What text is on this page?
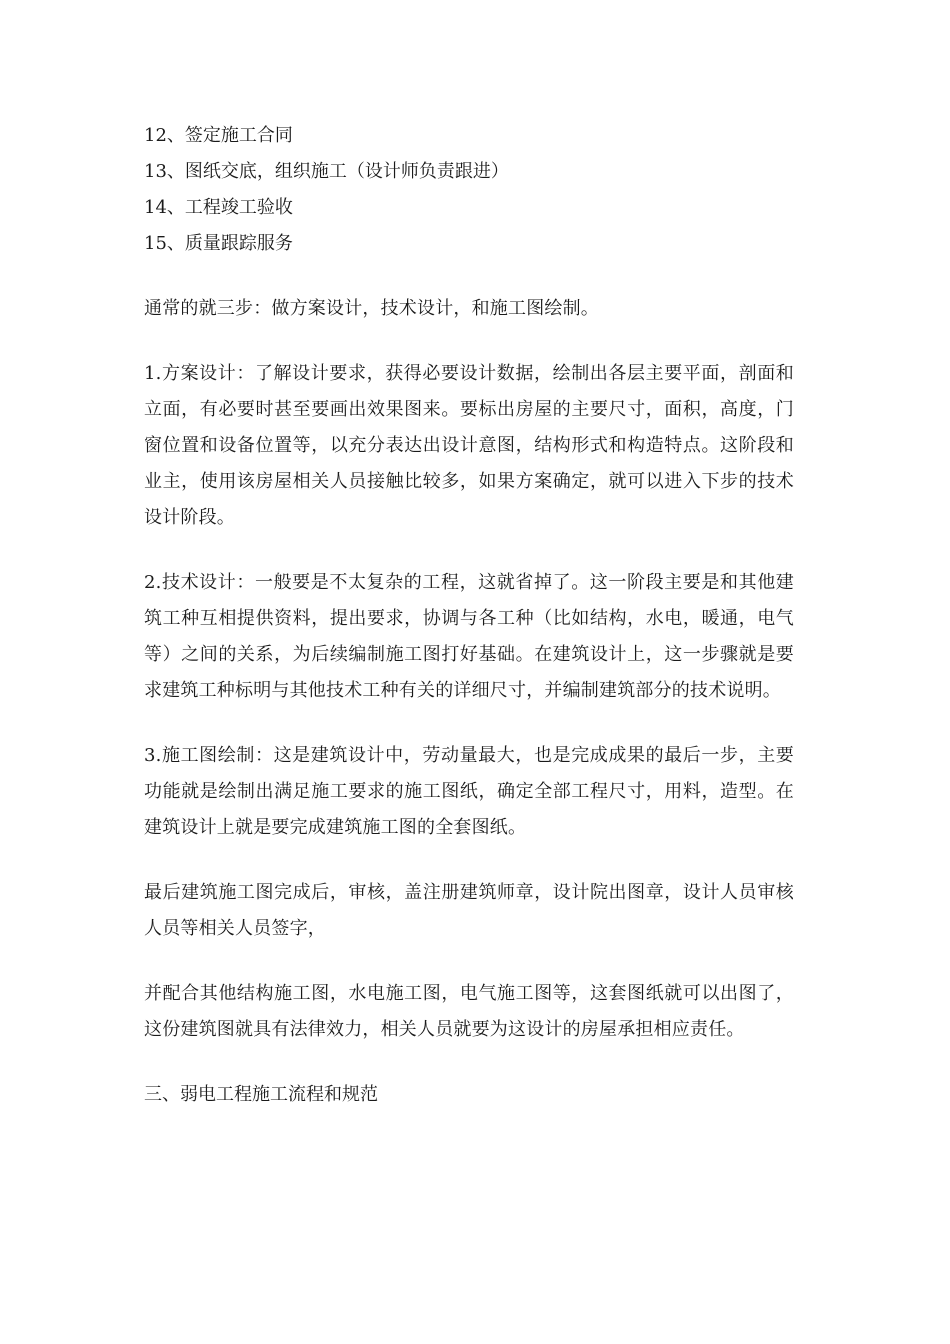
12、签定施工合同
13、图纸交底，组织施工（设计师负责跟进）
14、工程竣工验收
15、质量跟踪服务

通常的就三步：做方案设计，技术设计，和施工图绘制。

1.方案设计：了解设计要求，获得必要设计数据，绘制出各层主要平面，剖面和立面，有必要时甚至要画出效果图来。要标出房屋的主要尺寸，面积，高度，门窗位置和设备位置等，以充分表达出设计意图，结构形式和构造特点。这阶段和业主，使用该房屋相关人员接触比较多，如果方案确定，就可以进入下步的技术设计阶段。

2.技术设计：一般要是不太复杂的工程，这就省掉了。这一阶段主要是和其他建筑工种互相提供资料，提出要求，协调与各工种（比如结构，水电，暖通，电气等）之间的关系，为后续编制施工图打好基础。在建筑设计上，这一步骤就是要求建筑工种标明与其他技术工种有关的详细尺寸，并编制建筑部分的技术说明。

3.施工图绘制：这是建筑设计中，劳动量最大，也是完成成果的最后一步，主要功能就是绘制出满足施工要求的施工图纸，确定全部工程尺寸，用料，造型。在建筑设计上就是要完成建筑施工图的全套图纸。

最后建筑施工图完成后，审核，盖注册建筑师章，设计院出图章，设计人员审核人员等相关人员签字，

并配合其他结构施工图，水电施工图，电气施工图等，这套图纸就可以出图了，这份建筑图就具有法律效力，相关人员就要为这设计的房屋承担相应责任。

三、弱电工程施工流程和规范
